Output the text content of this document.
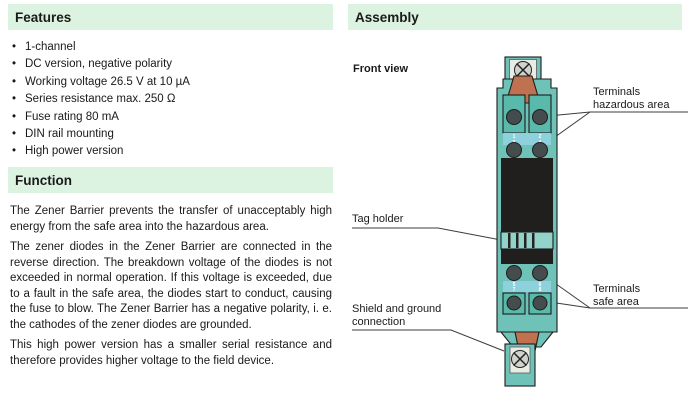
Features
• 1-channel
• DC version, negative polarity
• Working voltage 26.5 V at 10 µA
• Series resistance max. 250 Ω
• Fuse rating 80 mA
• DIN rail mounting
• High power version
Function

The Zener Barrier prevents the transfer of unacceptably high energy from the safe area into the hazardous area.

The zener diodes in the Zener Barrier are connected in the reverse direction. The breakdown voltage of the diodes is not exceeded in normal operation. If this voltage is exceeded, due to a fault in the safe area, the diodes start to conduct, causing the fuse to blow. The Zener Barrier has a negative polarity, i. e. the cathodes of the zener diodes are grounded.

This high power version has a smaller serial resistance and therefore provides higher voltage to the field device.

Assembly
Front view
1	2
5	6
7	8
Terminals
hazardous area
Tag holder
Terminals
safe area
Shield and ground
connection
